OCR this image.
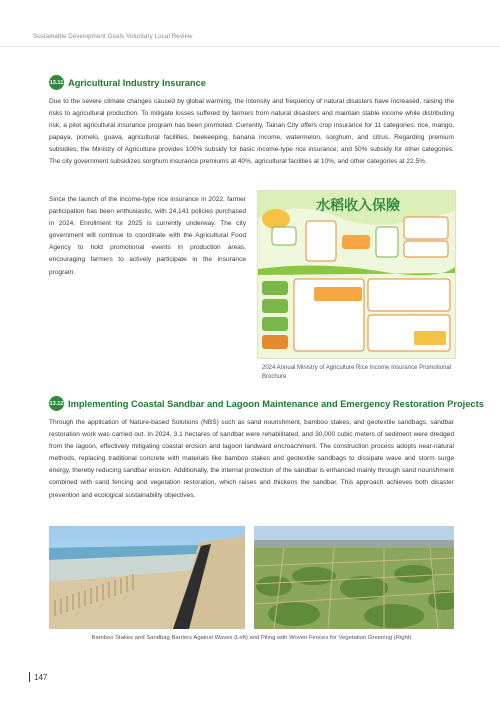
Sustainable Development Goals Voluntary Local Review
13.11 Agricultural Industry Insurance

Due to the severe climate changes caused by global warming, the intensity and frequency of natural disasters have increased, raising the risks to agricultural production. To mitigate losses suffered by farmers from natural disasters and maintain stable income while distributing risk, a pilot agricultural insurance program has been promoted. Currently, Tainan City offers crop insurance for 11 categories: rice, mango, papaya, pomelo, guava, agricultural facilities, beekeeping, banana income, watermelon, sorghum, and citrus. Regarding premium subsidies, the Ministry of Agriculture provides 100% subsidy for basic income-type rice insurance, and 50% subsidy for other categories. The city government subsidizes sorghum insurance premiums at 40%, agricultural facilities at 10%, and other categories at 22.5%.

Since the launch of the income-type rice insurance in 2022, farmer participation has been enthusiastic, with 24,141 policies purchased in 2024. Enrollment for 2025 is currently underway. The city government will continue to coordinate with the Agricultural Food Agency to hold promotional events in production areas, encouraging farmers to actively participate in the insurance program.

水稻收入保險
2024 Annual Ministry of Agriculture Rice Income Insurance Promotional Brochure
13.12 Implementing Coastal Sandbar and Lagoon Maintenance and Emergency Restoration Projects

Through the application of Nature-based Solutions (NBS) such as sand nourishment, bamboo stakes, and geotextile sandbags, sandbar restoration work was carried out. In 2024, 3.1 hectares of sandbar were rehabilitated, and 30,000 cubic meters of sediment were dredged from the lagoon, effectively mitigating coastal erosion and lagoon landward encroachment. The construction process adopts near-natural methods, replacing traditional concrete with materials like bamboo stakes and geotextile sandbags to dissipate wave and storm surge energy, thereby reducing sandbar erosion. Additionally, the internal protection of the sandbar is enhanced mainly through sand nourishment combined with sand fencing and vegetation restoration, which raises and thickens the sandbar. This approach achieves both disaster prevention and ecological sustainability objectives.

Bamboo Stakes and Sandbag Barriers Against Waves (Left) and Piling with Woven Fences for Vegetation Greening (Right)
147
